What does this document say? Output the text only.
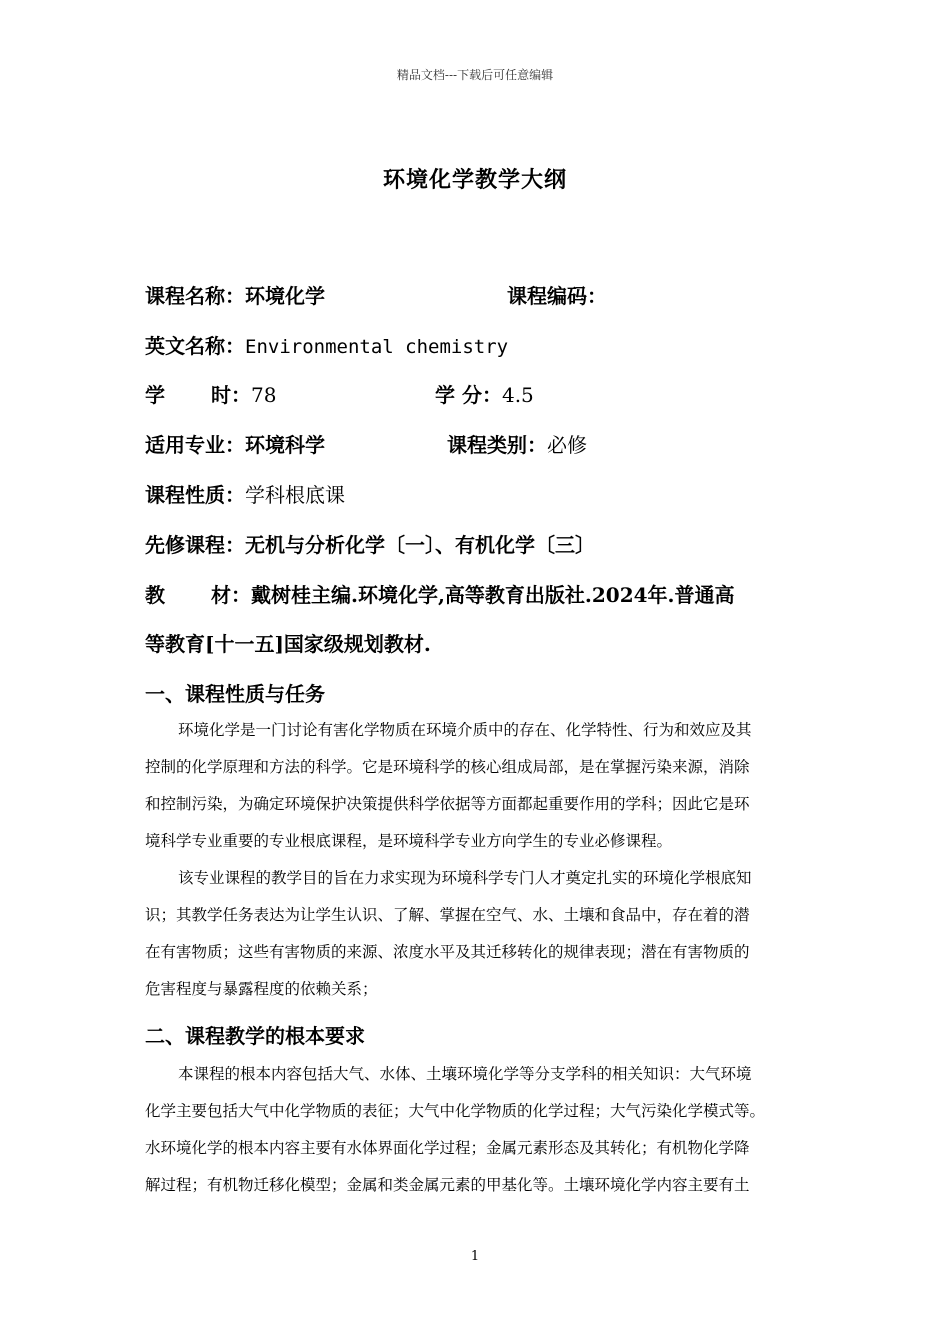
精品文档---下载后可任意编辑
环境化学教学大纲
课程名称：环境化学	课程编码：
英文名称：Environmental chemistry
学 时：78	学 分：4.5
适用专业：环境科学	课程类别：必修
课程性质：学科根底课
先修课程：无机与分析化学〔一〕、有机化学〔三〕
教 材：戴树桂主编.环境化学,高等教育出版社.2024年.普通高
等教育[十一五]国家级规划教材.
一、课程性质与任务
环境化学是一门讨论有害化学物质在环境介质中的存在、化学特性、行为和效应及其
控制的化学原理和方法的科学。它是环境科学的核心组成局部，是在掌握污染来源，消除
和控制污染，为确定环境保护决策提供科学依据等方面都起重要作用的学科；因此它是环
境科学专业重要的专业根底课程，是环境科学专业方向学生的专业必修课程。
该专业课程的教学目的旨在力求实现为环境科学专门人才奠定扎实的环境化学根底知
识；其教学任务表达为让学生认识、了解、掌握在空气、水、土壤和食品中，存在着的潜
在有害物质；这些有害物质的来源、浓度水平及其迁移转化的规律表现；潜在有害物质的
危害程度与暴露程度的依赖关系；
二、课程教学的根本要求
本课程的根本内容包括大气、水体、土壤环境化学等分支学科的相关知识：大气环境
化学主要包括大气中化学物质的表征；大气中化学物质的化学过程；大气污染化学模式等。
水环境化学的根本内容主要有水体界面化学过程；金属元素形态及其转化；有机物化学降
解过程；有机物迁移化模型；金属和类金属元素的甲基化等。土壤环境化学内容主要有土
1
